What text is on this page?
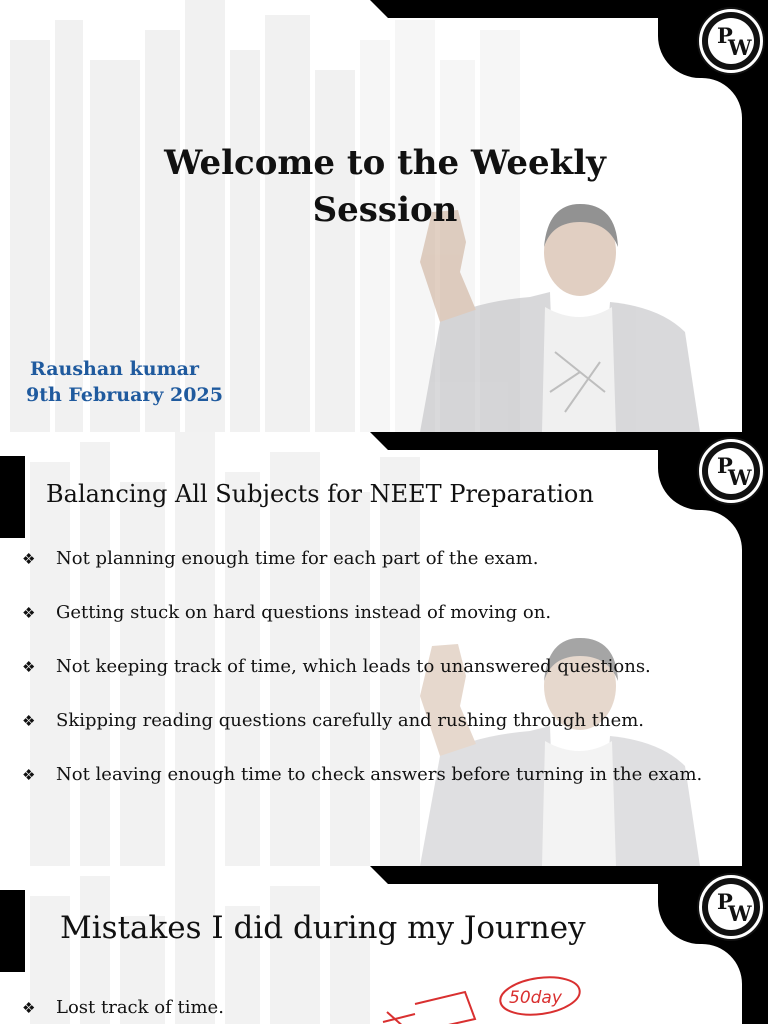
P
W
Welcome to the Weekly Session
Raushan kumar
9th February 2025
P
W
Balancing All Subjects for NEET Preparation
❖ Not planning enough time for each part of the exam.
❖ Getting stuck on hard questions instead of moving on.
❖ Not keeping track of time, which leads to unanswered questions.
❖ Skipping reading questions carefully and rushing through them.
❖ Not leaving enough time to check answers before turning in the exam.
P
W
Mistakes I did during my Journey
❖ Lost track of time.	50day
